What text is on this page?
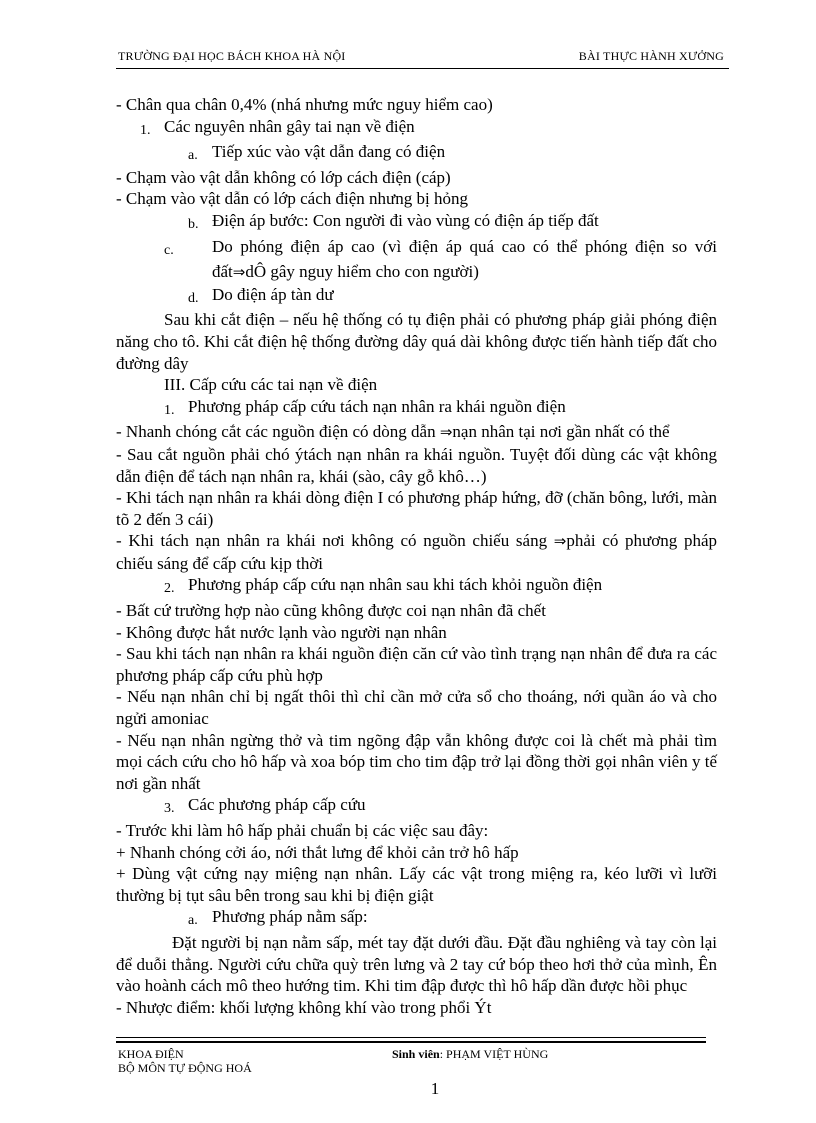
TRƯỜNG ĐẠI HỌC BÁCH KHOA HÀ NỘI	BÀI THỰC HÀNH XƯỞNG

- Chân qua chân 0,4% (nhá nhưng mức nguy hiểm cao)

1. Các nguyên nhân gây tai nạn về điện

a. Tiếp xúc vào vật dẫn đang có điện

- Chạm vào vật dẫn không có lớp cách điện (cáp)

- Chạm vào vật dẫn có lớp cách điện nhưng bị hỏng

b. Điện áp bước: Con người đi vào vùng có điện áp tiếp đất

c. Do phóng điện áp cao (vì điện áp quá cao có thể phóng điện so với đất⇒dÔ gây nguy hiểm cho con người)

d. Do điện áp tàn dư

Sau khi cắt điện – nếu hệ thống có tụ điện phải có phương pháp giải phóng điện năng cho tô. Khi cắt điện hệ thống đường dây quá dài không được tiến hành tiếp đất cho đường dây

III. Cấp cứu các tai nạn về điện

1. Phương pháp cấp cứu tách nạn nhân ra khái nguồn điện

- Nhanh chóng cắt các nguồn điện có dòng dẫn ⇒nạn nhân tại nơi gần nhất có thể

- Sau cắt nguồn phải chó ýtách nạn nhân ra khái nguồn. Tuyệt đối dùng các vật không dẫn điện để tách nạn nhân ra, khái (sào, cây gỗ khô…)

- Khi tách nạn nhân ra khái dòng điện I có phương pháp hứng, đỡ (chăn bông, lưới, màn tõ 2 đến 3 cái)

- Khi tách nạn nhân ra khái nơi không có nguồn chiếu sáng ⇒phải có phương pháp chiếu sáng để cấp cứu kịp thời

2. Phương pháp cấp cứu nạn nhân sau khi tách khỏi nguồn điện

- Bất cứ trường hợp nào cũng không được coi nạn nhân đã chết

- Không được hắt nước lạnh vào người nạn nhân

- Sau khi tách nạn nhân ra khái nguồn điện căn cứ vào tình trạng nạn nhân để đưa ra các phương pháp cấp cứu phù hợp

- Nếu nạn nhân chỉ bị ngất thôi thì chỉ cần mở cửa sổ cho thoáng, nới quần áo và cho ngửi amoniac

- Nếu nạn nhân ngừng thở và tim ngõng đập vẫn không được coi là chết mà phải tìm mọi cách cứu cho hô hấp và xoa bóp tim cho tim đập trở lại đồng thời gọi nhân viên y tế nơi gần nhất

3. Các phương pháp cấp cứu

- Trước khi làm hô hấp phải chuẩn bị các việc sau đây:

+ Nhanh chóng cởi áo, nới thắt lưng để khỏi cản trở hô hấp

+ Dùng vật cứng nạy miệng nạn nhân. Lấy các vật trong miệng ra, kéo lưỡi vì lưỡi thường bị tụt sâu bên trong sau khi bị điện giật

a. Phương pháp nằm sấp:

Đặt người bị nạn nằm sấp, mét tay đặt dưới đầu. Đặt đầu nghiêng và tay còn lại để duỗi thẳng. Người cứu chữa quỳ trên lưng và 2 tay cứ bóp theo hơi thở của mình, Ên vào hoành cách mô theo hướng tim. Khi tim đập được thì hô hấp dần được hồi phục

- Nhược điểm: khối lượng không khí vào trong phổi Ýt

KHOA ĐIỆN
BỘ MÔN TỰ ĐỘNG HOÁ
Sinh viên: PHẠM VIỆT HÙNG
1
